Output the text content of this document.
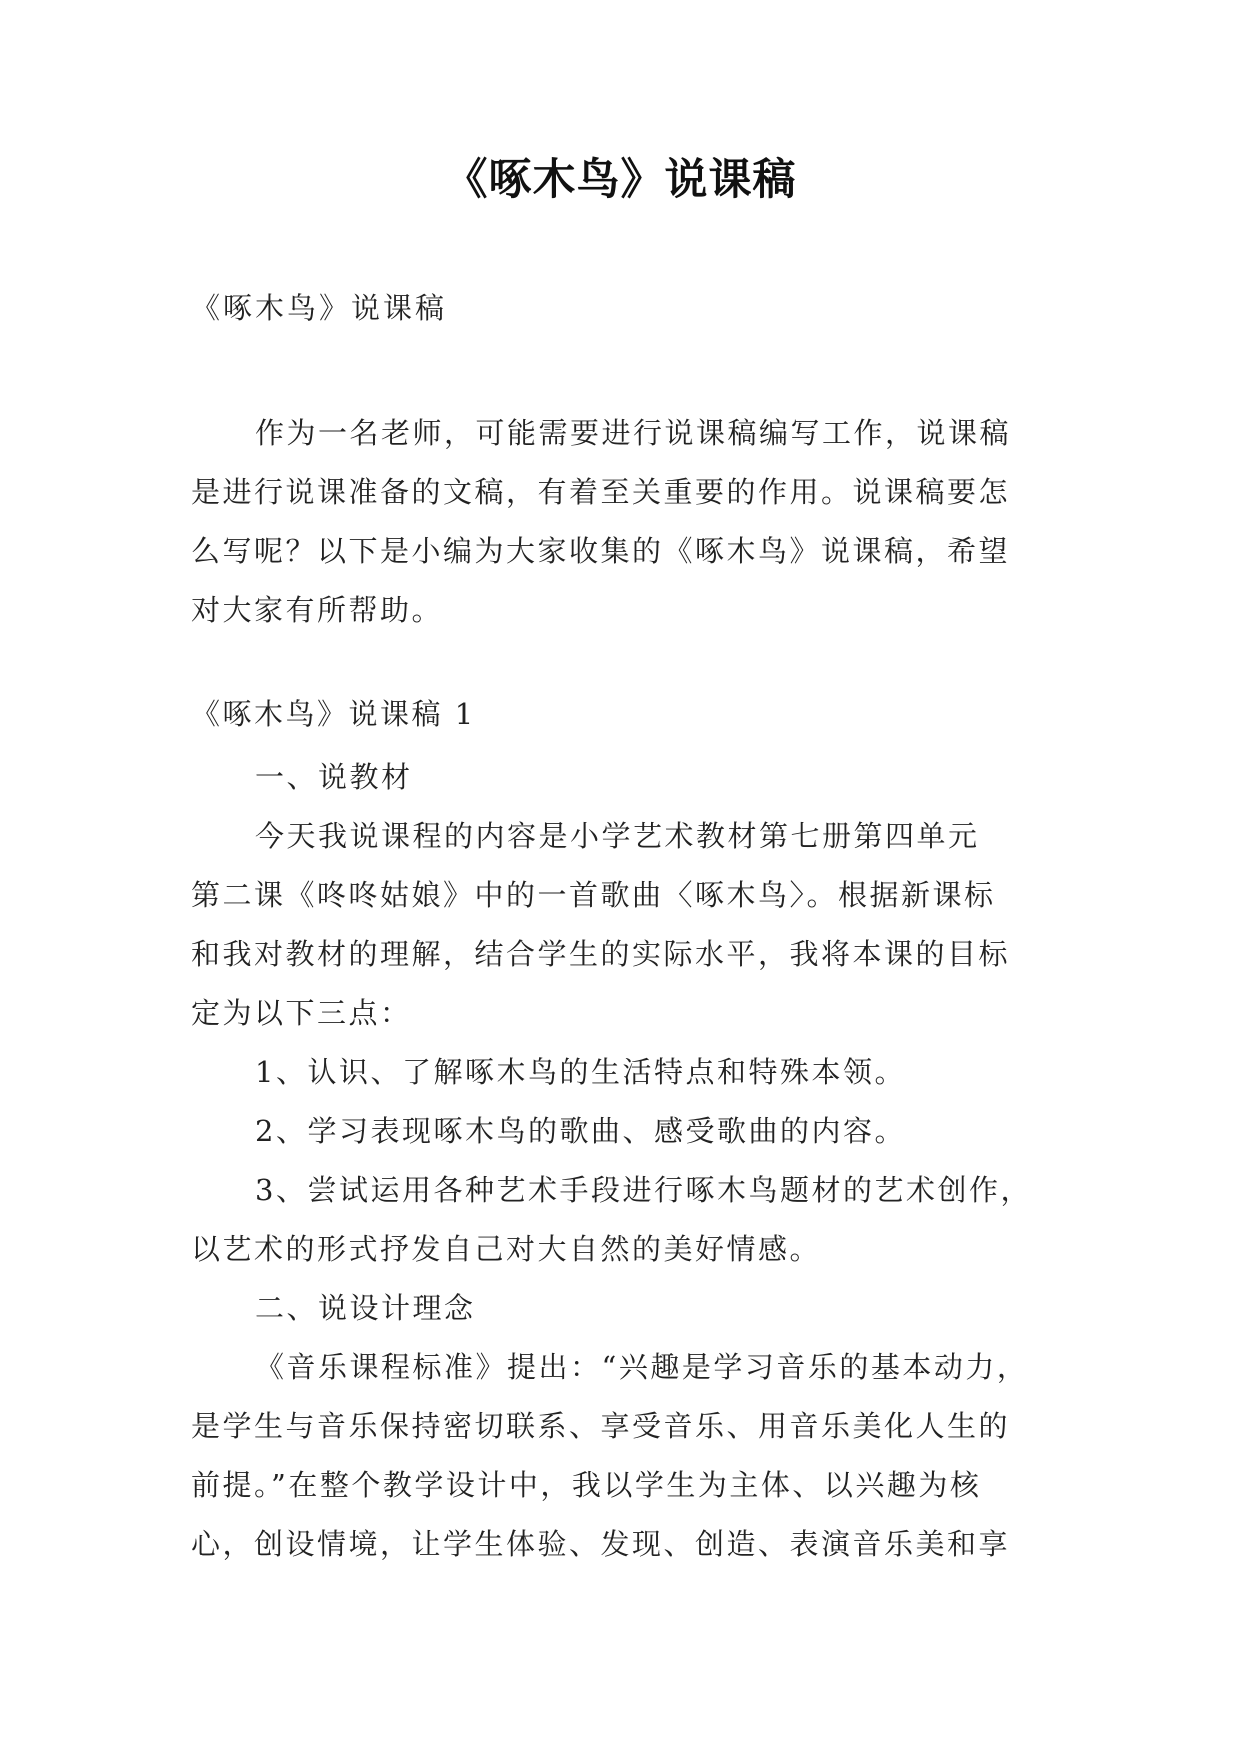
《啄木鸟》说课稿
《啄木鸟》说课稿

作为一名老师，可能需要进行说课稿编写工作，说课稿

是进行说课准备的文稿，有着至关重要的作用。说课稿要怎

么写呢？以下是小编为大家收集的《啄木鸟》说课稿，希望

对大家有所帮助。

《啄木鸟》说课稿 1

一、说教材

今天我说课程的内容是小学艺术教材第七册第四单元

第二课《咚咚姑娘》中的一首歌曲〈啄木鸟〉。根据新课标

和我对教材的理解，结合学生的实际水平，我将本课的目标

定为以下三点：

1、认识、了解啄木鸟的生活特点和特殊本领。

2、学习表现啄木鸟的歌曲、感受歌曲的内容。

3、尝试运用各种艺术手段进行啄木鸟题材的艺术创作，

以艺术的形式抒发自己对大自然的美好情感。

二、说设计理念

《音乐课程标准》提出：“兴趣是学习音乐的基本动力，

是学生与音乐保持密切联系、享受音乐、用音乐美化人生的

前提。”在整个教学设计中，我以学生为主体、以兴趣为核

心，创设情境，让学生体验、发现、创造、表演音乐美和享
